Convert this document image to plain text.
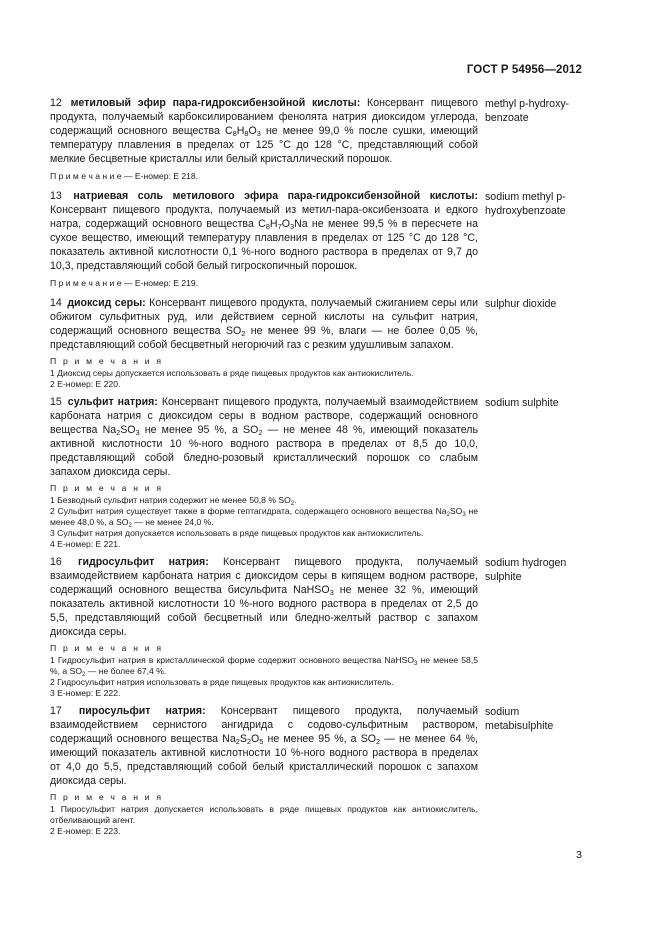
ГОСТ Р 54956—2012
12 метиловый эфир пара-гидроксибензойной кислоты: Консервант пищевого продукта, получаемый карбоксилированием фенолята натрия диоксидом углерода, содержащий основного вещества $C_8H_8O_3$ не менее 99,0 % после сушки, имеющий температуру плавления в пределах от 125 °С до 128 °С, представляющий собой мелкие бесцветные кристаллы или белый кристаллический порошок.
methyl p-hydroxy-benzoate
П р и м е ч а н и е — Е-номер: Е 218.
13 натриевая соль метилового эфира пара-гидроксибензойной кислоты: Консервант пищевого продукта, получаемый из метил-пара-оксибензоата и едкого натра, содержащий основного вещества $C_8H_7O_3Na$ не менее 99,5 % в пересчете на сухое вещество, имеющий температуру плавления в пределах от 125 °С до 128 °С, показатель активной кислотности 0,1 %-ного водного раствора в пределах от 9,7 до 10,3, представляющий собой белый гигроскопичный порошок.
sodium methyl p-hydroxybenzoate
П р и м е ч а н и е — Е-номер: Е 219.
14 диоксид серы: Консервант пищевого продукта, получаемый сжиганием серы или обжигом сульфитных руд, или действием серной кислоты на сульфит натрия, содержащий основного вещества $SO_2$ не менее 99 %, влаги — не более 0,05 %, представляющий собой бесцветный негорючий газ с резким удушливым запахом.
sulphur dioxide
П р и м е ч а н и я
1 Диоксид серы допускается использовать в ряде пищевых продуктов как антиокислитель.
2 Е-номер: Е 220.
15 сульфит натрия: Консервант пищевого продукта, получаемый взаимодействием карбоната натрия с диоксидом серы в водном растворе, содержащий основного вещества $Na_2SO_3$ не менее 95 %, а $SO_2$ — не менее 48 %, имеющий показатель активной кислотности 10 %-ного водного раствора в пределах от 8,5 до 10,0, представляющий собой бледно-розовый кристаллический порошок со слабым запахом диоксида серы.
sodium sulphite
П р и м е ч а н и я
1 Безводный сульфит натрия содержит не менее 50,8 % $SO_2$.
2 Сульфит натрия существует также в форме гептагидрата, содержащего основного вещества $Na_2SO_3$ не менее 48,0 %, а $SO_2$ — не менее 24,0 %.
3 Сульфит натрия допускается использовать в ряде пищевых продуктов как антиокислитель.
4 Е-номер: Е 221.
16 гидросульфит натрия: Консервант пищевого продукта, получаемый взаимодействием карбоната натрия с диоксидом серы в кипящем водном растворе, содержащий основного вещества бисульфита NaHSO$_3$ не менее 32 %, имеющий показатель активной кислотности 10 %-ного водного раствора в пределах от 2,5 до 5,5, представляющий собой бесцветный или бледно-желтый раствор с запахом диоксида серы.
sodium hydrogen sulphite
П р и м е ч а н и я
1 Гидросульфит натрия в кристаллической форме содержит основного вещества NaHSO$_3$ не менее 58,5 %, а $SO_2$ — не более 67,4 %.
2 Гидросульфит натрия использовать в ряде пищевых продуктов как антиокислитель.
3 Е-номер: Е 222.
17 пиросульфит натрия: Консервант пищевого продукта, получаемый взаимодействием сернистого ангидрида с содово-сульфитным раствором, содержащий основного вещества $Na_2S_2O_5$ не менее 95 %, а $SO_2$ — не менее 64 %, имеющий показатель активной кислотности 10 %-ного водного раствора в пределах от 4,0 до 5,5, представляющий собой белый кристаллический порошок с запахом диоксида серы.
sodium metabisulphite
П р и м е ч а н и я
1 Пиросульфит натрия допускается использовать в ряде пищевых продуктов как антиокислитель, отбеливающий агент.
2 Е-номер: Е 223.
3
